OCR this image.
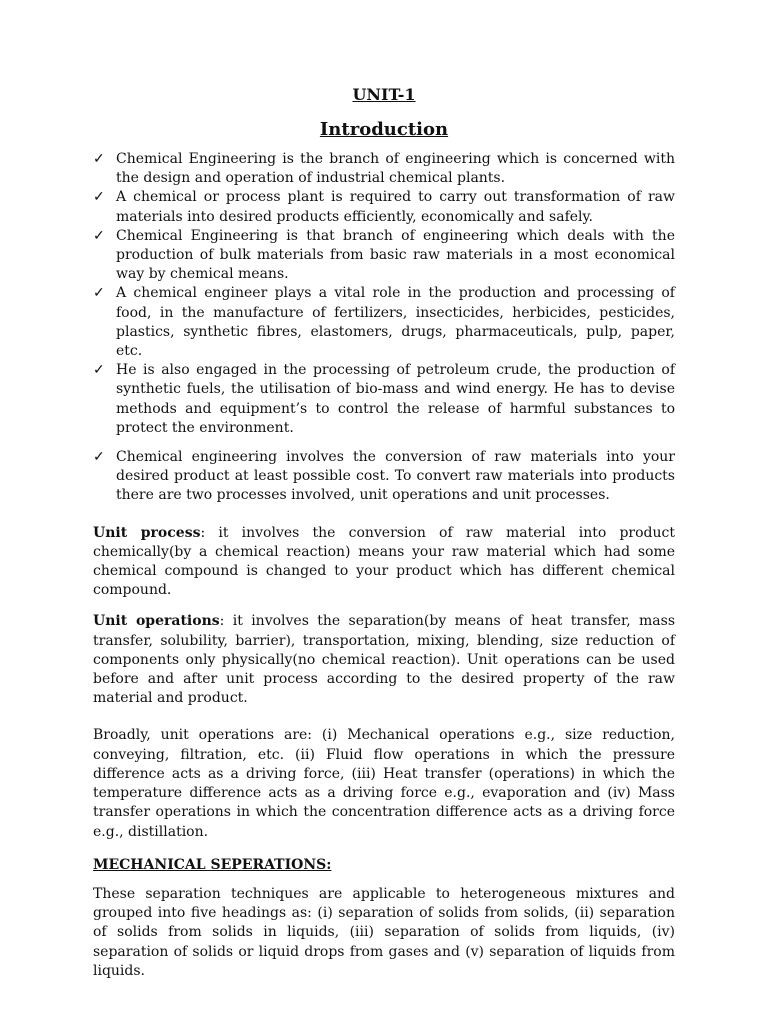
UNIT-1
Introduction
✓ Chemical Engineering is the branch of engineering which is concerned with the design and operation of industrial chemical plants.
✓ A chemical or process plant is required to carry out transformation of raw materials into desired products efficiently, economically and safely.
✓ Chemical Engineering is that branch of engineering which deals with the production of bulk materials from basic raw materials in a most economical way by chemical means.
✓ A chemical engineer plays a vital role in the production and processing of food, in the manufacture of fertilizers, insecticides, herbicides, pesticides, plastics, synthetic fibres, elastomers, drugs, pharmaceuticals, pulp, paper, etc.
✓ He is also engaged in the processing of petroleum crude, the production of synthetic fuels, the utilisation of bio-mass and wind energy. He has to devise methods and equipment’s to control the release of harmful substances to protect the environment.
✓ Chemical engineering involves the conversion of raw materials into your desired product at least possible cost. To convert raw materials into products there are two processes involved, unit operations and unit processes.

Unit process: it involves the conversion of raw material into product chemically(by a chemical reaction) means your raw material which had some chemical compound is changed to your product which has different chemical compound.

Unit operations: it involves the separation(by means of heat transfer, mass transfer, solubility, barrier), transportation, mixing, blending, size reduction of components only physically(no chemical reaction). Unit operations can be used before and after unit process according to the desired property of the raw material and product.

Broadly, unit operations are: (i) Mechanical operations e.g., size reduction, conveying, filtration, etc. (ii) Fluid flow operations in which the pressure difference acts as a driving force, (iii) Heat transfer (operations) in which the temperature difference acts as a driving force e.g., evaporation and (iv) Mass transfer operations in which the concentration difference acts as a driving force e.g., distillation.

MECHANICAL SEPERATIONS:

These separation techniques are applicable to heterogeneous mixtures and grouped into five headings as: (i) separation of solids from solids, (ii) separation of solids from solids in liquids, (iii) separation of solids from liquids, (iv) separation of solids or liquid drops from gases and (v) separation of liquids from liquids.
